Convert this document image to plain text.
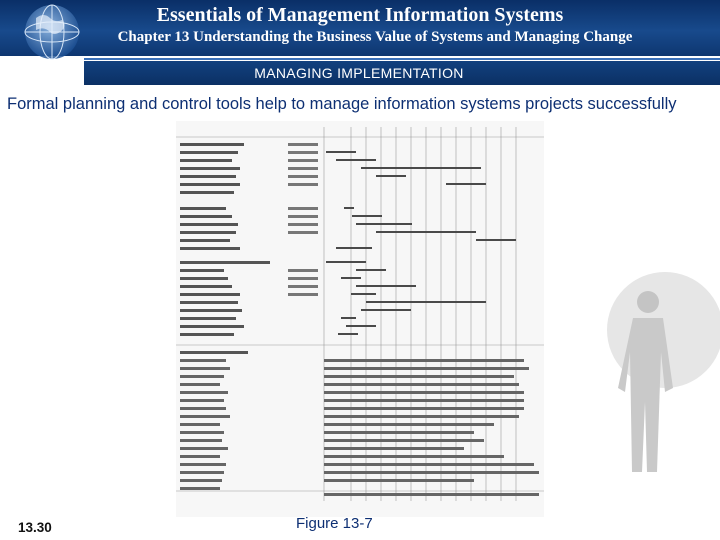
Essentials of Management Information Systems
Chapter 13 Understanding the Business Value of Systems and Managing Change
MANAGING IMPLEMENTATION
Formal planning and control tools help to manage information systems projects successfully
13.30	Figure 13-7
